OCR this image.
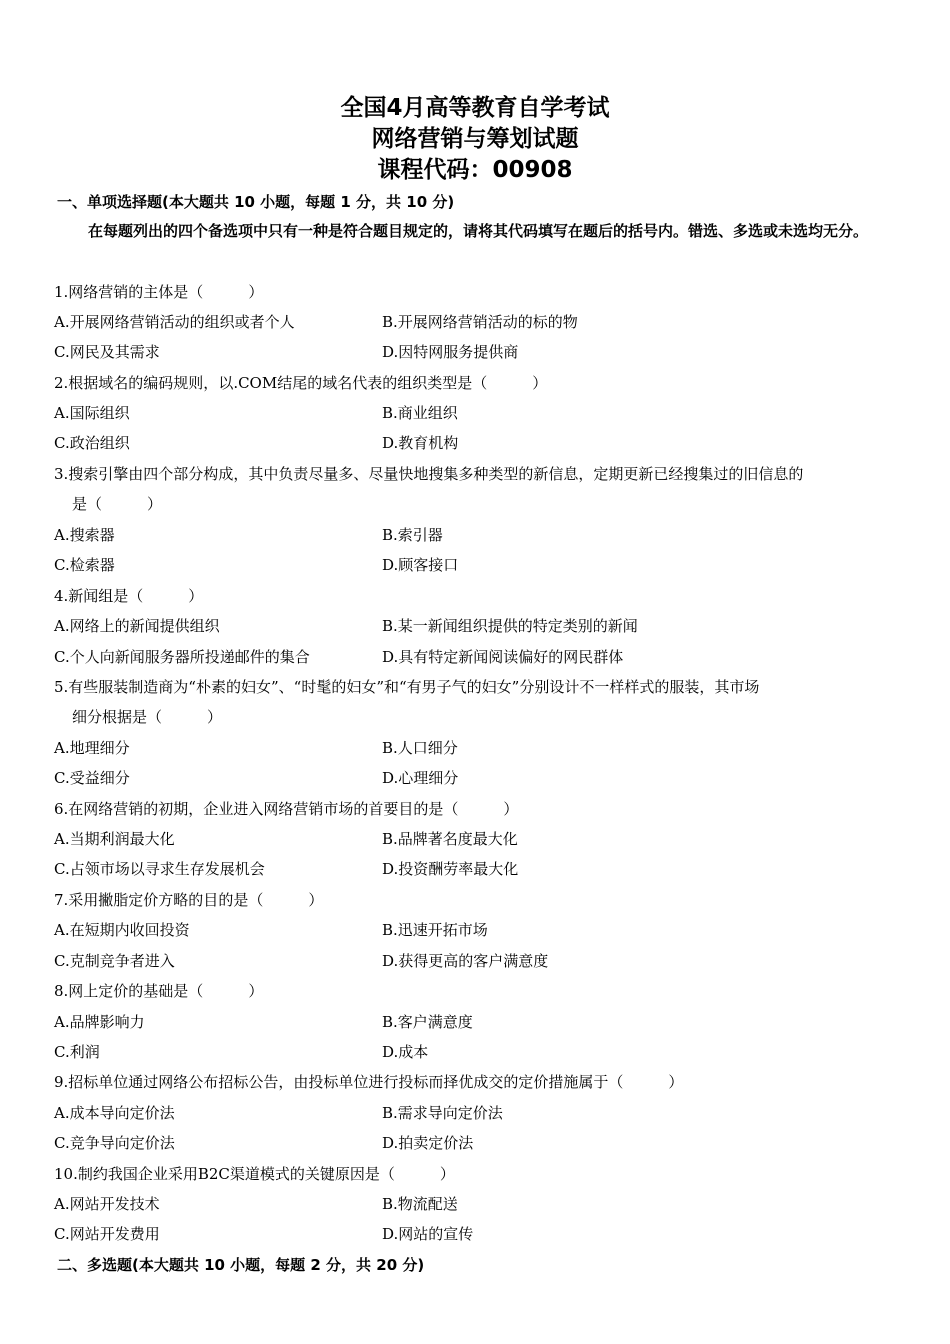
全国4月高等教育自学考试
网络营销与筹划试题
课程代码：00908
一、单项选择题(本大题共 10 小题，每题 1 分，共 10 分)
在每题列出的四个备选项中只有一种是符合题目规定的，请将其代码填写在题后的括号内。错选、多选或未选均无分。
1.网络营销的主体是（　　　）
A.开展网络营销活动的组织或者个人	B.开展网络营销活动的标的物
C.网民及其需求	D.因特网服务提供商
2.根据域名的编码规则，以.COM结尾的域名代表的组织类型是（　　　）
A.国际组织	B.商业组织
C.政治组织	D.教育机构
3.搜索引擎由四个部分构成，其中负责尽量多、尽量快地搜集多种类型的新信息，定期更新已经搜集过的旧信息的
是（　　　）
A.搜索器	B.索引器
C.检索器	D.顾客接口
4.新闻组是（　　　）
A.网络上的新闻提供组织	B.某一新闻组织提供的特定类别的新闻
C.个人向新闻服务器所投递邮件的集合	D.具有特定新闻阅读偏好的网民群体
5.有些服装制造商为“朴素的妇女”、“时髦的妇女”和“有男子气的妇女”分别设计不一样样式的服装，其市场
细分根据是（　　　）
A.地理细分	B.人口细分
C.受益细分	D.心理细分
6.在网络营销的初期，企业进入网络营销市场的首要目的是（　　　）
A.当期利润最大化	B.品牌著名度最大化
C.占领市场以寻求生存发展机会	D.投资酬劳率最大化
7.采用撇脂定价方略的目的是（　　　）
A.在短期内收回投资	B.迅速开拓市场
C.克制竞争者进入	D.获得更高的客户满意度
8.网上定价的基础是（　　　）
A.品牌影响力	B.客户满意度
C.利润	D.成本
9.招标单位通过网络公布招标公告，由投标单位进行投标而择优成交的定价措施属于（　　　）
A.成本导向定价法	B.需求导向定价法
C.竞争导向定价法	D.拍卖定价法
10.制约我国企业采用B2C渠道模式的关键原因是（　　　）
A.网站开发技术	B.物流配送
C.网站开发费用	D.网站的宣传
二、多选题(本大题共 10 小题，每题 2 分，共 20 分)
